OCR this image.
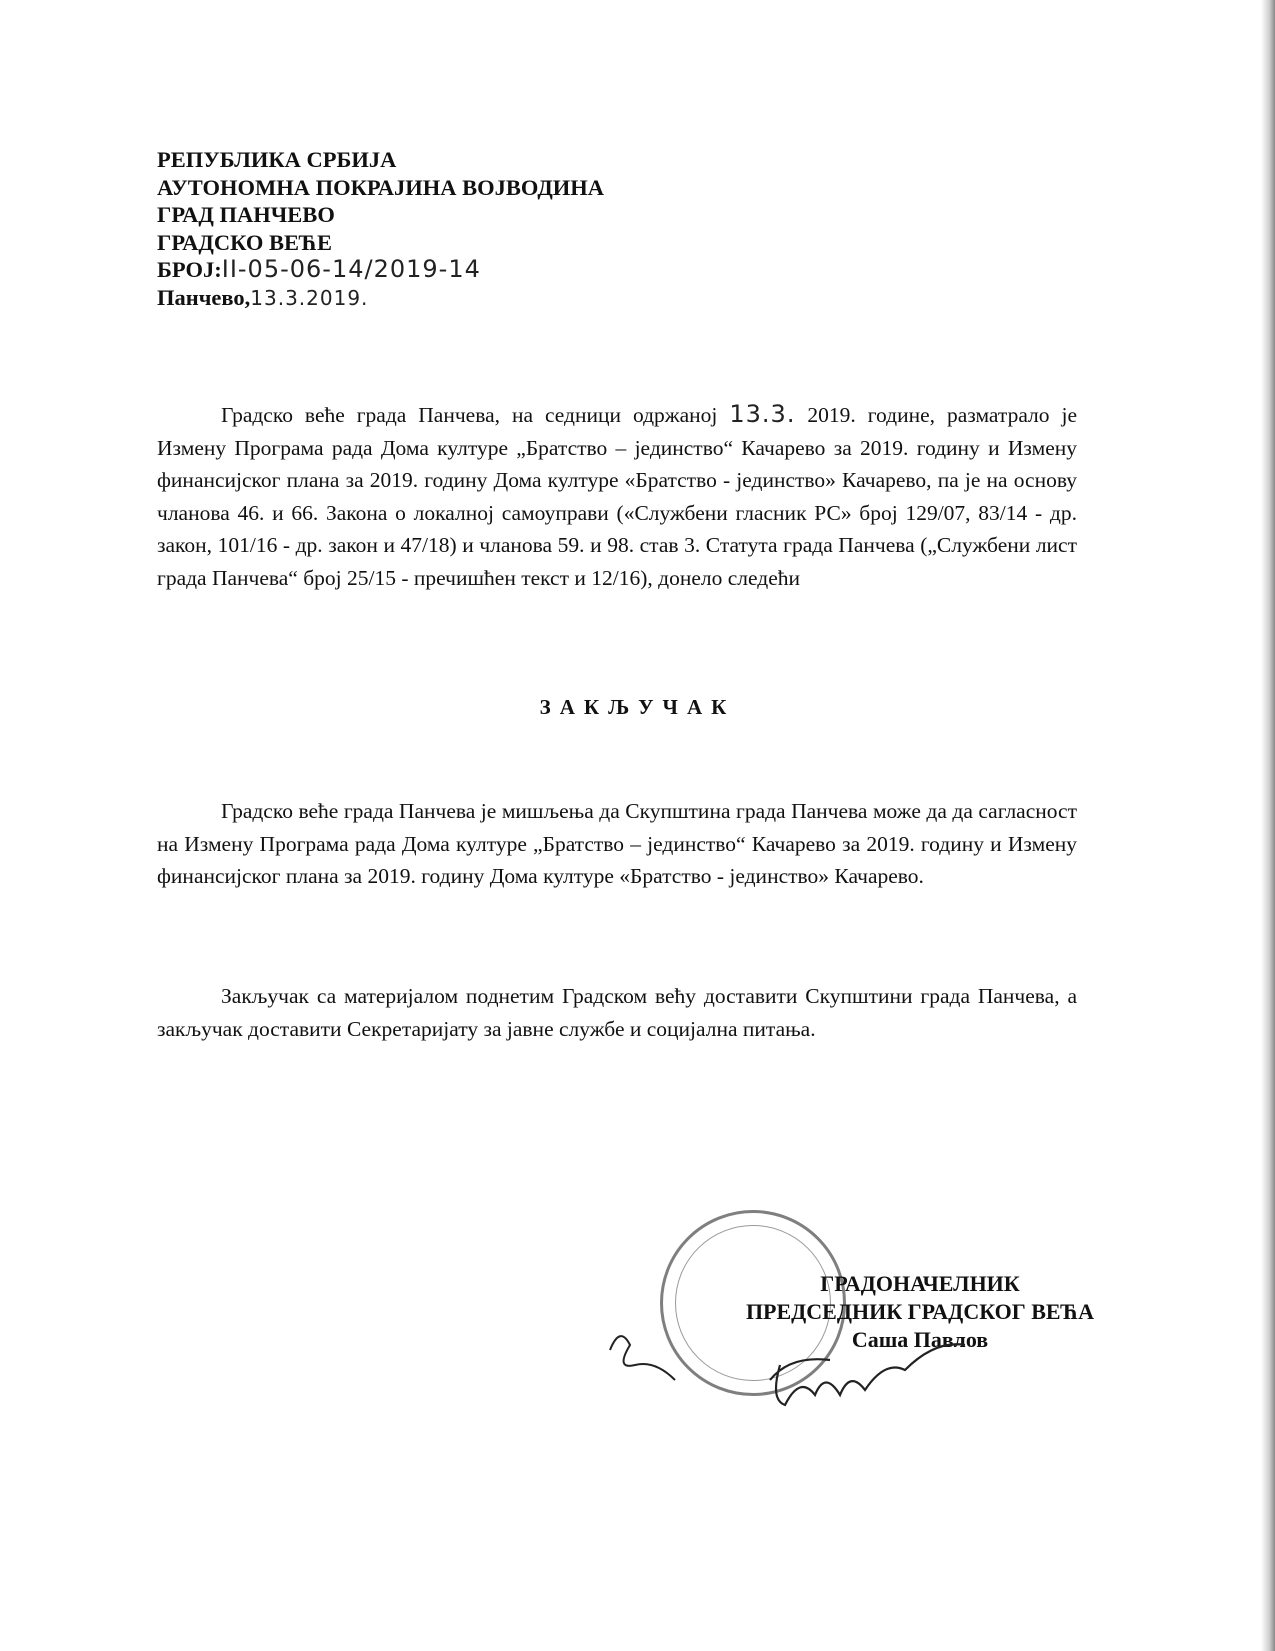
РЕПУБЛИКА СРБИЈА
АУТОНОМНА ПОКРАЈИНА ВОЈВОДИНА
ГРАД ПАНЧЕВО
ГРАДСКО ВЕЋЕ
БРОЈ:II-05-06-14/2019-14
Панчево,13.3.2019.
Градско веће града Панчева, на седници одржаној 13.3. 2019. године, разматрало је Измену Програма рада Дома културе „Братство – јединство“ Качарево за 2019. годину и Измену финансијског плана за 2019. годину Дома културе «Братство - јединство» Качарево, па је на основу чланова 46. и 66. Закона о локалној самоуправи («Службени гласник РС» број 129/07, 83/14 - др. закон, 101/16 - др. закон и 47/18) и чланова 59. и 98. став 3. Статута града Панчева („Службени лист града Панчева“ број 25/15 - пречишћен текст и 12/16), донело следећи
ЗАКЉУЧАК
Градско веће града Панчева је мишљења да Скупштина града Панчева може да да сагласност на Измену Програма рада Дома културе „Братство – јединство“ Качарево за 2019. годину и Измену финансијског плана за 2019. годину Дома културе «Братство - јединство» Качарево.
Закључак са материјалом поднетим Градском већу доставити Скупштини града Панчева, а закључак доставити Секретаријату за јавне службе и социјална питања.
ГРАДОНАЧЕЛНИК
ПРЕДСЕДНИК ГРАДСКОГ ВЕЋА
Саша Павлов
